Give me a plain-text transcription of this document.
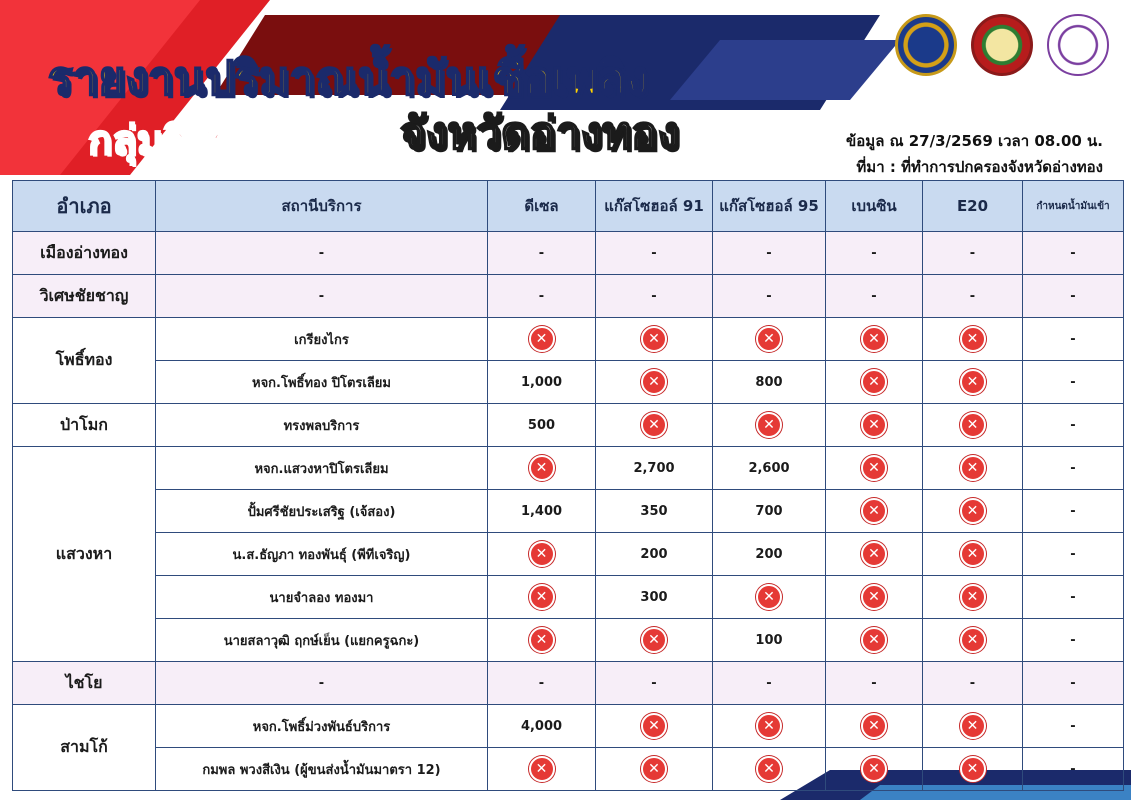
รายงานปริมาณน้ำมันเชื้อเพลิง
กลุ่มอิสระ	จังหวัดอ่างทอง	ข้อมูล ณ 27/3/2569 เวลา 08.00 น.
ที่มา : ที่ทำการปกครองจังหวัดอ่างทอง
อำเภอ	สถานีบริการ	ดีเซล	แก๊สโซฮอล์ 91	แก๊สโซฮอล์ 95	เบนซิน	E20	กำหนดน้ำมันเข้า
เมืองอ่างทอง	-	-	-	-	-	-	-
วิเศษชัยชาญ	-	-	-	-	-	-	-
โพธิ์ทอง	เกรียงไกร	✕	✕	✕	✕	✕	-
	หจก.โพธิ์ทอง ปิโตรเลียม	1,000	✕	800	✕	✕	-
ป่าโมก	ทรงพลบริการ	500	✕	✕	✕	✕	-
แสวงหา	หจก.แสวงหาปิโตรเลียม	✕	2,700	2,600	✕	✕	-
	ปั้มศรีชัยประเสริฐ (เจ้สอง)	1,400	350	700	✕	✕	-
	น.ส.ธัญภา ทองพันธุ์ (พีทีเจริญ)	✕	200	200	✕	✕	-
	นายจำลอง ทองมา	✕	300	✕	✕	✕	-
	นายสลาวุฒิ ฤกษ์เย็น (แยกครูฉกะ)	✕	✕	100	✕	✕	-
ไชโย	-	-	-	-	-	-	-
สามโก้	หจก.โพธิ์ม่วงพันธ์บริการ	4,000	✕	✕	✕	✕	-
	กมพล พวงสีเงิน (ผู้ขนส่งน้ำมันมาตรา 12)	✕	✕	✕	✕	✕	-
